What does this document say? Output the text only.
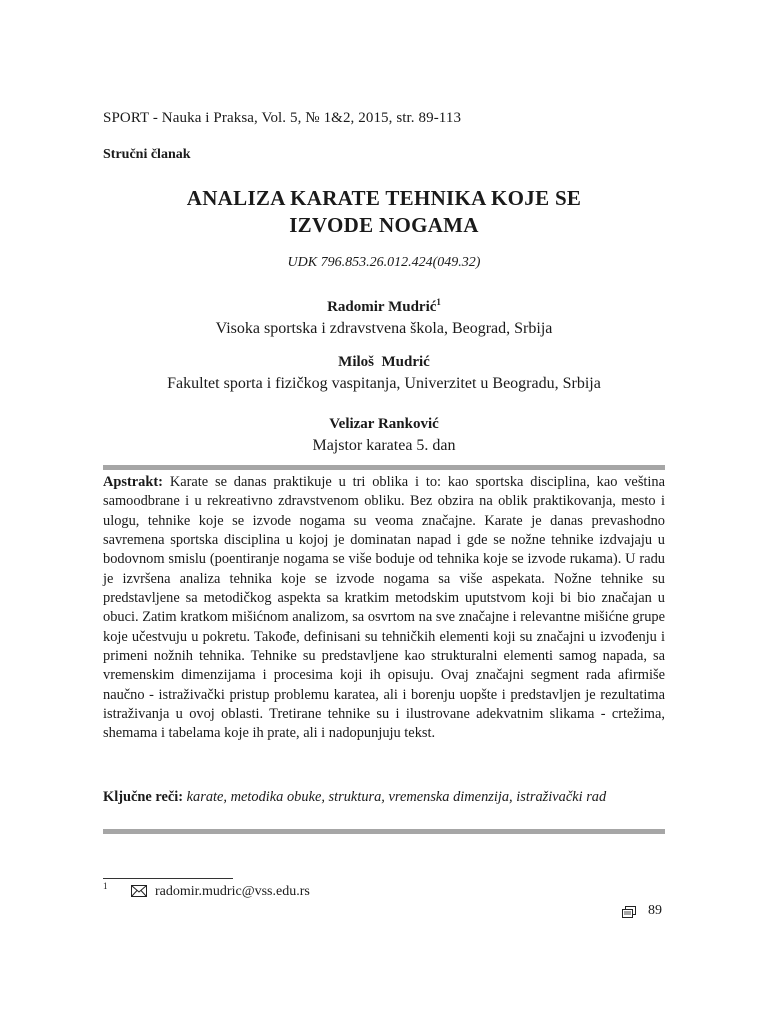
SPORT - Nauka i Praksa, Vol. 5, № 1&2, 2015, str. 89-113
Stručni članak
ANALIZA KARATE TEHNIKA KOJE SE
IZVODE NOGAMA
UDK 796.853.26.012.424(049.32)
Radomir Mudrić$^1$
Visoka sportska i zdravstvena škola, Beograd, Srbija
Miloš  Mudrić
Fakultet sporta i fizičkog vaspitanja, Univerzitet u Beogradu, Srbija
Velizar Ranković
Majstor karatea 5. dan
Apstrakt: Karate se danas praktikuje u tri oblika i to: kao sportska disciplina, kao veština samoodbrane i u rekreativno zdravstvenom obliku. Bez obzira na oblik praktikovanja, mesto i ulogu, tehnike koje se izvode nogama su veoma značajne. Karate je danas prevashodno savremena sportska disciplina u kojoj je dominatan napad i gde se nožne tehnike izdvajaju u bodovnom smislu (poentiranje nogama se više boduje od tehnika koje se izvode rukama). U radu je izvršena analiza tehnika koje se izvode nogama sa više aspekata. Nožne tehnike su predstavljene sa metodičkog aspekta sa kratkim metodskim uputstvom koji bi bio značajan u obuci. Zatim kratkom mišićnom analizom, sa osvrtom na sve značajne i relevantne mišićne grupe koje učestvuju u pokretu. Takođe, definisani su tehničkih elementi koji su značajni u izvođenju i primeni nožnih tehnika. Tehnike su predstavljene kao strukturalni elementi samog napada, sa vremenskim dimenzijama i procesima koji ih opisuju. Ovaj značajni segment rada afirmiše naučno - istraživački pristup problemu karatea, ali i borenju uopšte i predstavljen je rezultatima istraživanja u ovoj oblasti. Tretirane tehnike su i ilustrovane adekvatnim slikama - crtežima, shemama i tabelama koje ih prate, ali i nadopunjuju tekst.
Ključne reči: karate, metodika obuke, struktura, vremenska dimenzija, istraživački rad
1	radomir.mudric@vss.edu.rs
89
